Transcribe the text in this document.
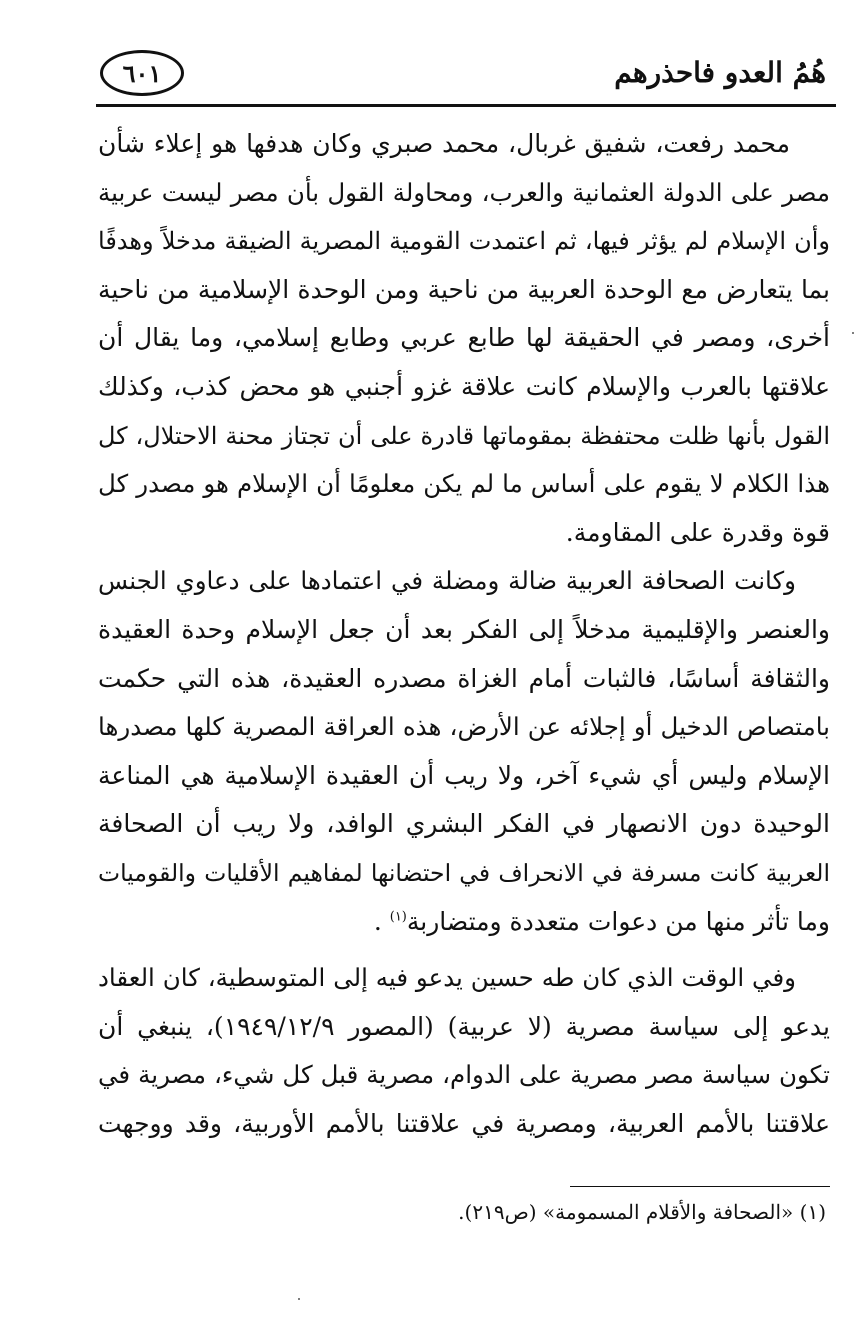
هُمُ العدو فاحذرهم
٦٠١
محمد رفعت، شفيق غربال، محمد صبري وكان هدفها هو إعلاء شأن
مصر على الدولة العثمانية والعرب، ومحاولة القول بأن مصر ليست عربية
وأن الإسلام لم يؤثر فيها، ثم اعتمدت القومية المصرية الضيقة مدخلاً وهدفًا
بما يتعارض مع الوحدة العربية من ناحية ومن الوحدة الإسلامية من ناحية
أخرى، ومصر في الحقيقة لها طابع عربي وطابع إسلامي، وما يقال أن
علاقتها بالعرب والإسلام كانت علاقة غزو أجنبي هو محض كذب، وكذلك
القول بأنها ظلت محتفظة بمقوماتها قادرة على أن تجتاز محنة الاحتلال، كل
هذا الكلام لا يقوم على أساس ما لم يكن معلومًا أن الإسلام هو مصدر كل
قوة وقدرة على المقاومة.
وكانت الصحافة العربية ضالة ومضلة في اعتمادها على دعاوي الجنس
والعنصر والإقليمية مدخلاً إلى الفكر بعد أن جعل الإسلام وحدة العقيدة
والثقافة أساسًا، فالثبات أمام الغزاة مصدره العقيدة، هذه التي حكمت
بامتصاص الدخيل أو إجلائه عن الأرض، هذه العراقة المصرية كلها مصدرها
الإسلام وليس أي شيء آخر، ولا ريب أن العقيدة الإسلامية هي المناعة
الوحيدة دون الانصهار في الفكر البشري الوافد، ولا ريب أن الصحافة
العربية كانت مسرفة في الانحراف في احتضانها لمفاهيم الأقليات والقوميات
وما تأثر منها من دعوات متعددة ومتضاربة$^{(١)}$ .
وفي الوقت الذي كان طه حسين يدعو فيه إلى المتوسطية، كان العقاد
يدعو إلى سياسة مصرية (لا عربية) (المصور ١٩٤٩/١٢/٩)، ينبغي أن
تكون سياسة مصر مصرية على الدوام، مصرية قبل كل شيء، مصرية في
علاقتنا بالأمم العربية، ومصرية في علاقتنا بالأمم الأوربية، وقد ووجهت
(١) «الصحافة والأقلام المسمومة» (ص٢١٩).
